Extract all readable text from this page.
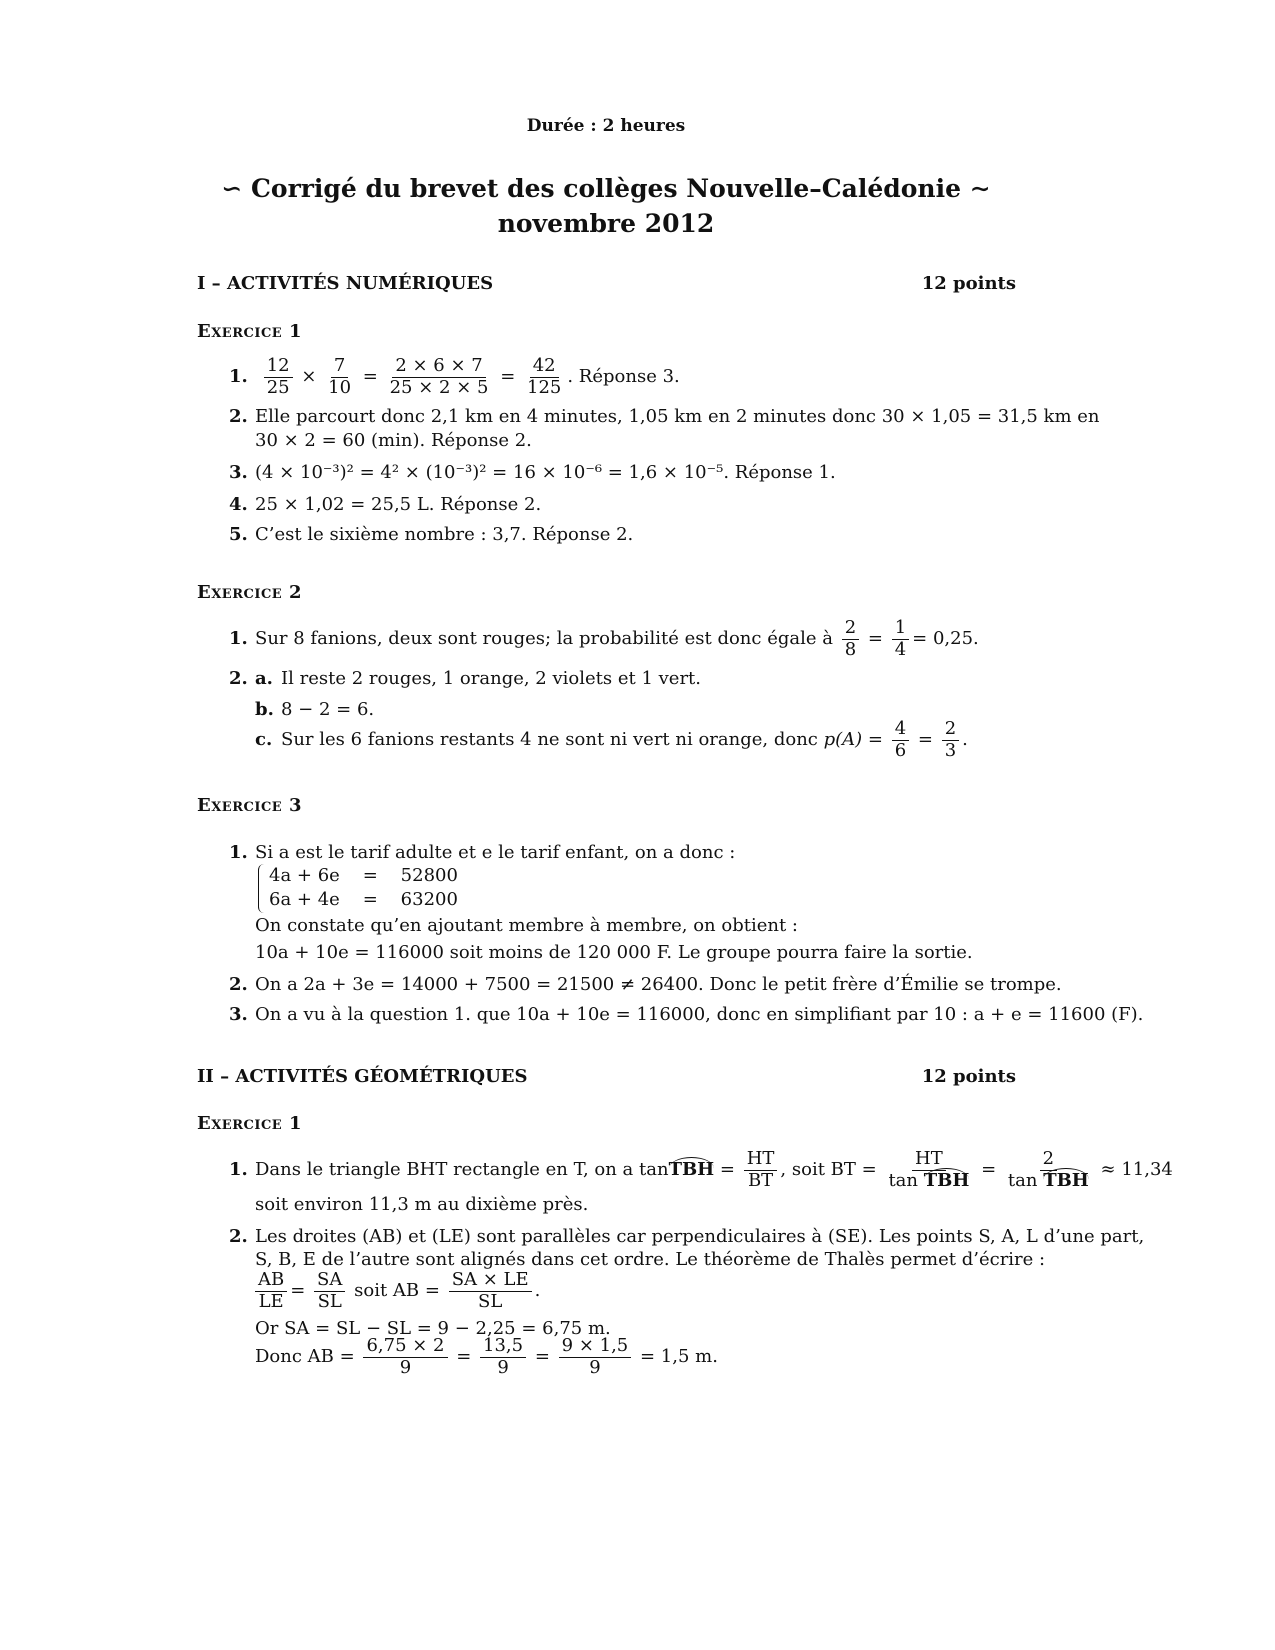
Durée : 2 heures
∽ Corrigé du brevet des collèges Nouvelle–Calédonie ∼
novembre 2012
I – ACTIVITÉS NUMÉRIQUES	12 points
Exercice 1
1. $\frac{12}{25} \times \frac{7}{10} = \frac{2 \times 6 \times 7}{25 \times 2 \times 5} = \frac{42}{125}$ . Réponse 3.
2. Elle parcourt donc 2,1 km en 4 minutes, 1,05 km en 2 minutes donc 30 × 1,05 = 31,5 km en
30 × 2 = 60 (min). Réponse 2.
3. (4 × 10⁻³)² = 4² × (10⁻³)² = 16 × 10⁻⁶ = 1,6 × 10⁻⁵. Réponse 1.
4. 25 × 1,02 = 25,5 L. Réponse 2.
5. C’est le sixième nombre : 3,7. Réponse 2.
Exercice 2
1. Sur 8 fanions, deux sont rouges; la probabilité est donc égale à $\frac{2}{8} = \frac{1}{4} = 0,25$.
2. a. Il reste 2 rouges, 1 orange, 2 violets et 1 vert.
b. 8 − 2 = 6.
c. Sur les 6 fanions restants 4 ne sont ni vert ni orange, donc $p(A) = \frac{4}{6} = \frac{2}{3}$ .
Exercice 3
1. Si a est le tarif adulte et e le tarif enfant, on a donc :
4a + 6e    =    52800
6a + 4e    =    63200
On constate qu’en ajoutant membre à membre, on obtient :
10a + 10e = 116000 soit moins de 120 000 F. Le groupe pourra faire la sortie.
2. On a 2a + 3e = 14000 + 7500 = 21500 ≠ 26400. Donc le petit frère d’Émilie se trompe.
3. On a vu à la question 1. que 10a + 10e = 116000, donc en simplifiant par 10 : a + e = 11600 (F).
II – ACTIVITÉS GÉOMÉTRIQUES	12 points
Exercice 1
1. Dans le triangle BHT rectangle en T, on a tanTBH = $\frac{HT}{BT}$ , soit BT = $\frac{HT}{\text{tan TBH}} = \frac{2}{\text{tan TBH}} \approx 11,34$
soit environ 11,3 m au dixième près.
2. Les droites (AB) et (LE) sont parallèles car perpendiculaires à (SE). Les points S, A, L d’une part,
S, B, E de l’autre sont alignés dans cet ordre. Le théorème de Thalès permet d’écrire :
$\frac{AB}{LE} = \frac{SA}{SL}$ soit AB = $\frac{SA \times LE}{SL}$ .
Or SA = SL − SL = 9 − 2,25 = 6,75 m.
Donc AB = $\frac{6,75 \times 2}{9} = \frac{13,5}{9} = \frac{9 \times 1,5}{9} = 1,5$ m.
